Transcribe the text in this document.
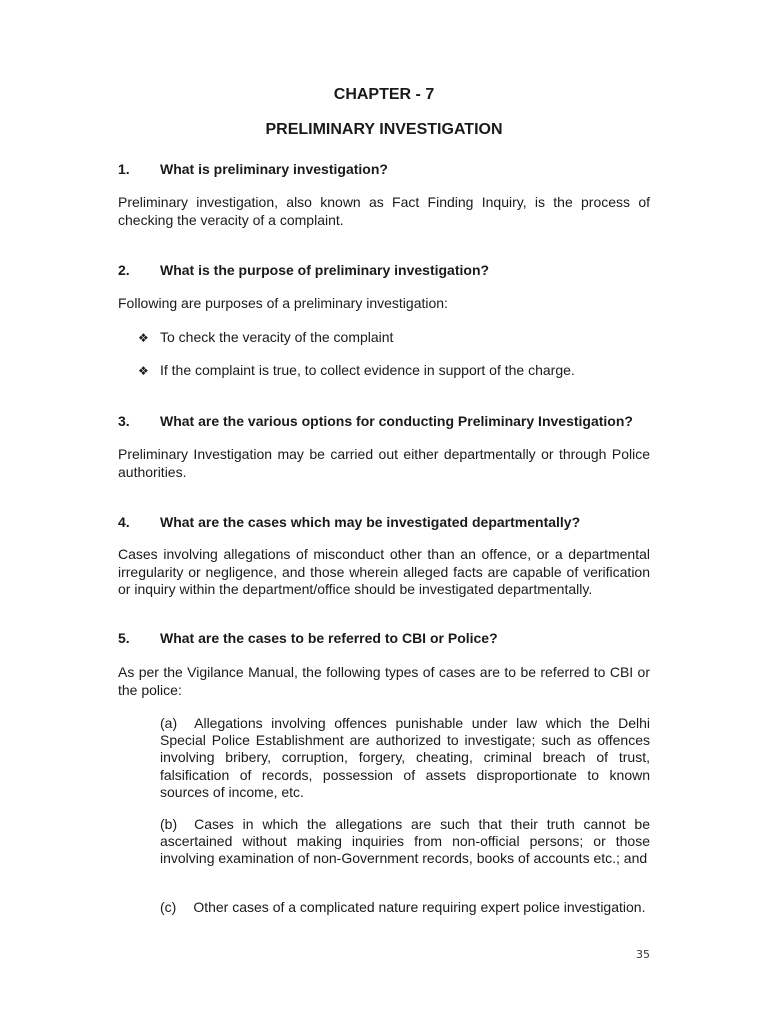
CHAPTER - 7
PRELIMINARY INVESTIGATION
1. What is preliminary investigation?
Preliminary investigation, also known as Fact Finding Inquiry, is the process of checking the veracity of a complaint.
2. What is the purpose of preliminary investigation?
Following are purposes of a preliminary investigation:
❖ To check the veracity of the complaint
❖ If the complaint is true, to collect evidence in support of the charge.
3. What are the various options for conducting Preliminary Investigation?
Preliminary Investigation may be carried out either departmentally or through Police authorities.
4. What are the cases which may be investigated departmentally?
Cases involving allegations of misconduct other than an offence, or a departmental irregularity or negligence, and those wherein alleged facts are capable of verification or inquiry within the department/office should be investigated departmentally.
5. What are the cases to be referred to CBI or Police?
As per the Vigilance Manual, the following types of cases are to be referred to CBI or the police:
(a) Allegations involving offences punishable under law which the Delhi Special Police Establishment are authorized to investigate; such as offences involving bribery, corruption, forgery, cheating, criminal breach of trust, falsification of records, possession of assets disproportionate to known sources of income, etc.
(b) Cases in which the allegations are such that their truth cannot be ascertained without making inquiries from non-official persons; or those involving examination of non-Government records, books of accounts etc.; and
(c) Other cases of a complicated nature requiring expert police investigation.
35
